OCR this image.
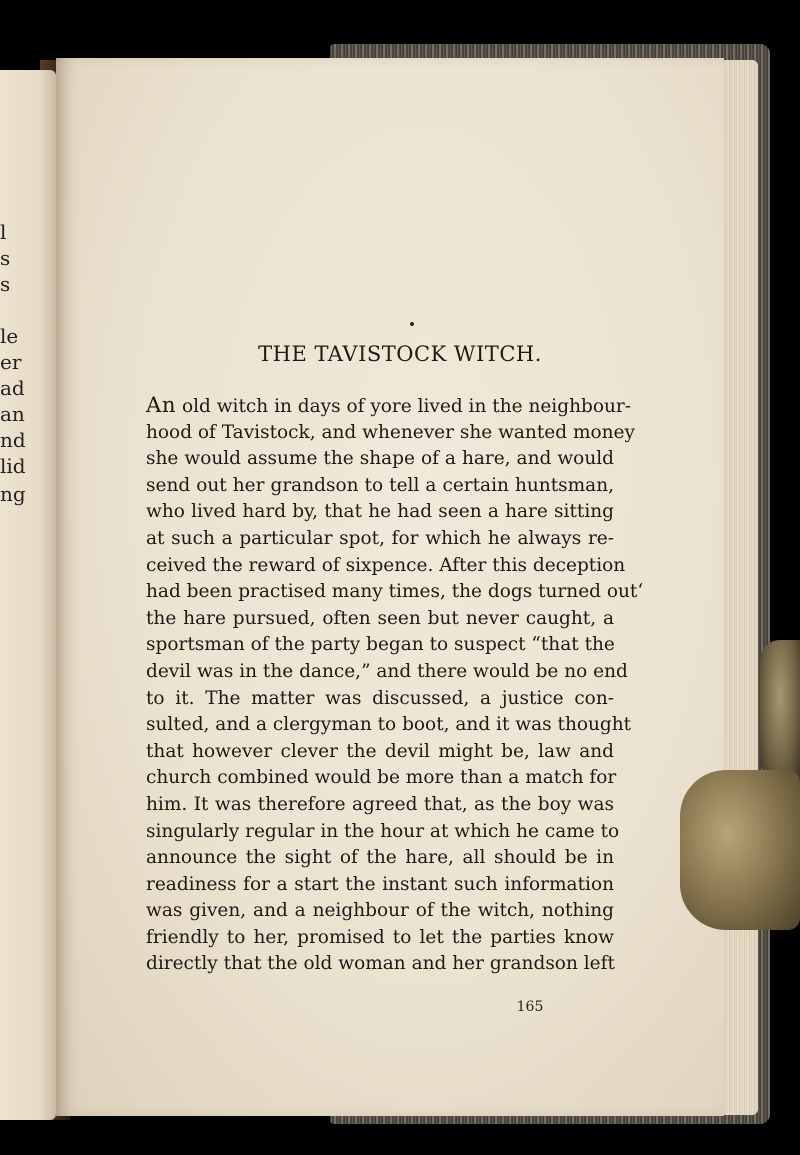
l
s
s
le
er
ad
an
nd
lid
ng
THE TAVISTOCK WITCH.
An old witch in days of yore lived in the neighbour-
hood of Tavistock, and whenever she wanted money
she would assume the shape of a hare, and would
send out her grandson to tell a certain huntsman,
who lived hard by, that he had seen a hare sitting
at such a particular spot, for which he always re-
ceived the reward of sixpence. After this deception
had been practised many times, the dogs turned out‘
the hare pursued, often seen but never caught, a
sportsman of the party began to suspect “that the
devil was in the dance,” and there would be no end
to it. The matter was discussed, a justice con-
sulted, and a clergyman to boot, and it was thought
that however clever the devil might be, law and
church combined would be more than a match for
him. It was therefore agreed that, as the boy was
singularly regular in the hour at which he came to
announce the sight of the hare, all should be in
readiness for a start the instant such information
was given, and a neighbour of the witch, nothing
friendly to her, promised to let the parties know
directly that the old woman and her grandson left
165
